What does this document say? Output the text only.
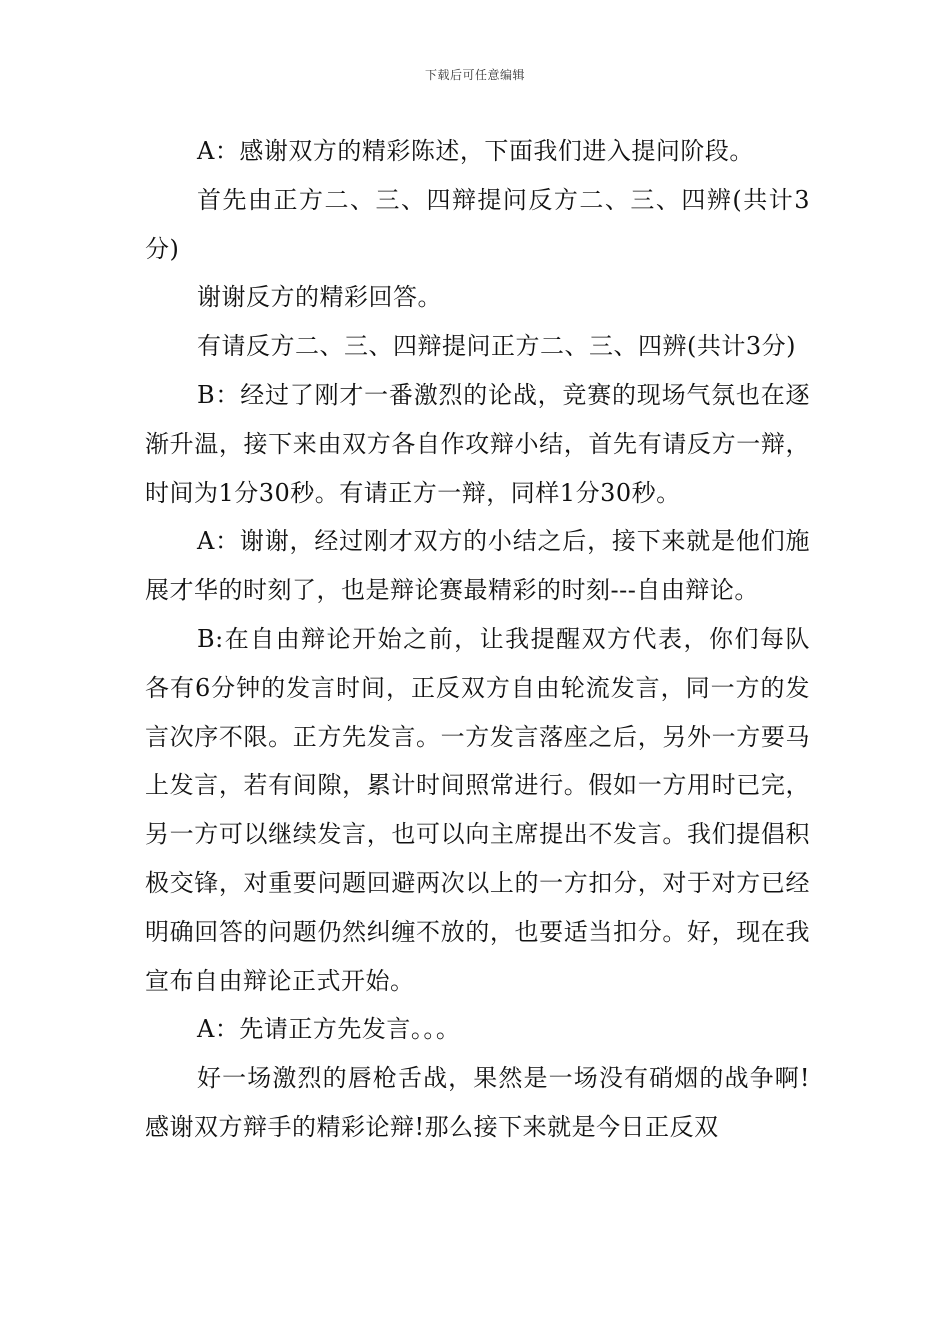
下载后可任意编辑

A：感谢双方的精彩陈述，下面我们进入提问阶段。

首先由正方二、三、四辩提问反方二、三、四辨(共计3分)

谢谢反方的精彩回答。

有请反方二、三、四辩提问正方二、三、四辨(共计3分)

B：经过了刚才一番激烈的论战，竞赛的现场气氛也在逐渐升温，接下来由双方各自作攻辩小结，首先有请反方一辩，时间为1分30秒。有请正方一辩，同样1分30秒。

A：谢谢，经过刚才双方的小结之后，接下来就是他们施展才华的时刻了，也是辩论赛最精彩的时刻---自由辩论。

B:在自由辩论开始之前，让我提醒双方代表，你们每队各有6分钟的发言时间，正反双方自由轮流发言，同一方的发言次序不限。正方先发言。一方发言落座之后，另外一方要马上发言，若有间隙，累计时间照常进行。假如一方用时已完，另一方可以继续发言，也可以向主席提出不发言。我们提倡积极交锋，对重要问题回避两次以上的一方扣分，对于对方已经明确回答的问题仍然纠缠不放的，也要适当扣分。好，现在我宣布自由辩论正式开始。

A：先请正方先发言。。。

好一场激烈的唇枪舌战，果然是一场没有硝烟的战争啊!感谢双方辩手的精彩论辩!那么接下来就是今日正反双
